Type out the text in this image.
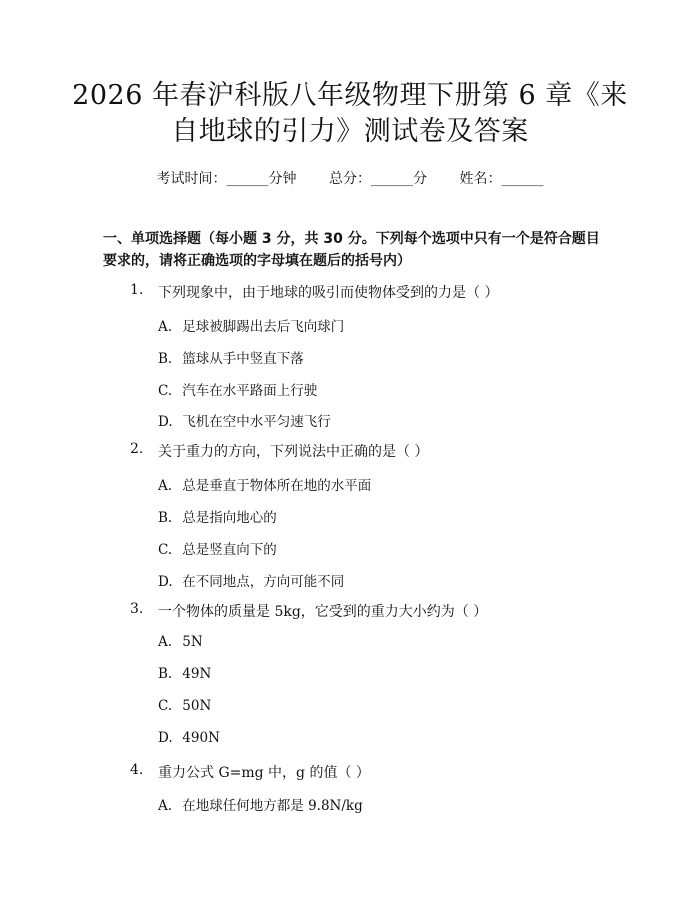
2026 年春沪科版八年级物理下册第 6 章《来自地球的引力》测试卷及答案
考试时间：______分钟 总分：______分 姓名：______
一、单项选择题（每小题 3 分，共 30 分。下列每个选项中只有一个是符合题目要求的，请将正确选项的字母填在题后的括号内）
1.	下列现象中，由于地球的吸引而使物体受到的力是（ ）
A. 足球被脚踢出去后飞向球门
B. 篮球从手中竖直下落
C. 汽车在水平路面上行驶
D. 飞机在空中水平匀速飞行
2.	关于重力的方向，下列说法中正确的是（ ）
A. 总是垂直于物体所在地的水平面
B. 总是指向地心的
C. 总是竖直向下的
D. 在不同地点，方向可能不同
3.	一个物体的质量是 5kg，它受到的重力大小约为（ ）
A. 5N
B. 49N
C. 50N
D. 490N
4.	重力公式 G=mg 中，g 的值（ ）
A. 在地球任何地方都是 9.8N/kg
